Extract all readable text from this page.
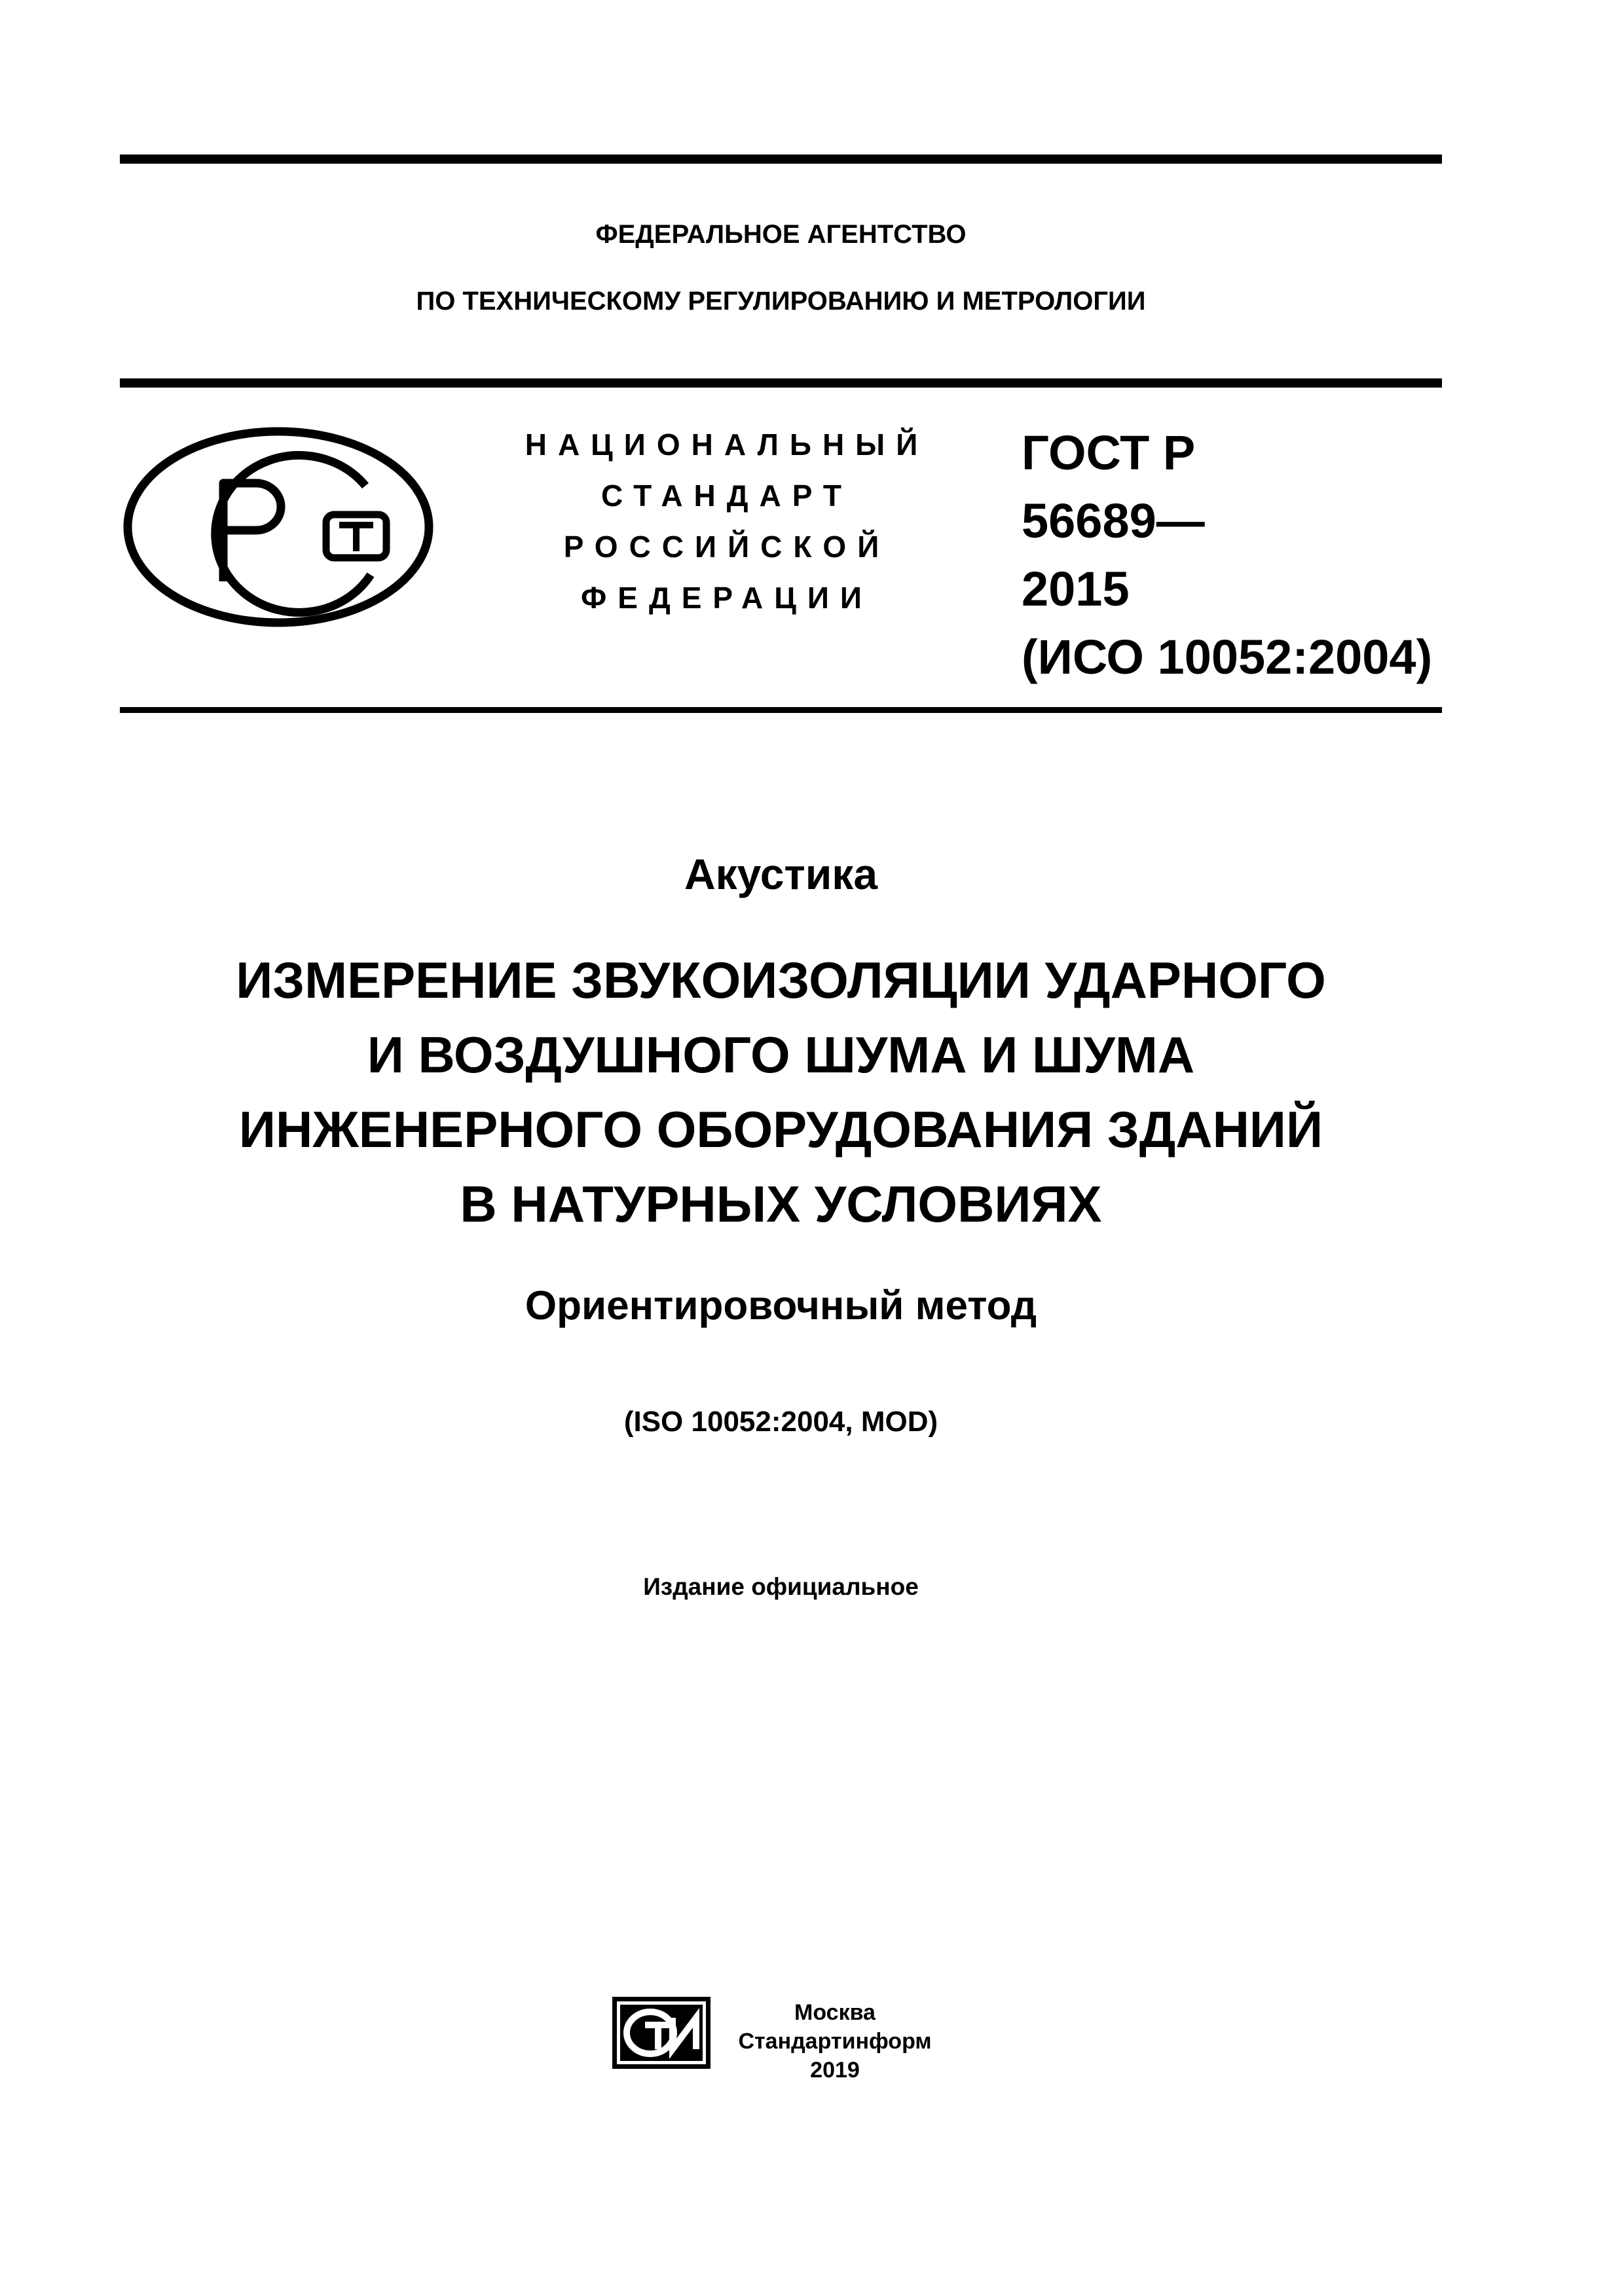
ФЕДЕРАЛЬНОЕ АГЕНТСТВО
ПО ТЕХНИЧЕСКОМУ РЕГУЛИРОВАНИЮ И МЕТРОЛОГИИ
НАЦИОНАЛЬНЫЙ
СТАНДАРТ
РОССИЙСКОЙ
ФЕДЕРАЦИИ
ГОСТ Р
56689—
2015
(ИСО 10052:2004)
Акустика
ИЗМЕРЕНИЕ ЗВУКОИЗОЛЯЦИИ УДАРНОГО
И ВОЗДУШНОГО ШУМА И ШУМА
ИНЖЕНЕРНОГО ОБОРУДОВАНИЯ ЗДАНИЙ
В НАТУРНЫХ УСЛОВИЯХ
Ориентировочный метод
(ISO 10052:2004, MOD)
Издание официальное
Москва
Стандартинформ
2019
